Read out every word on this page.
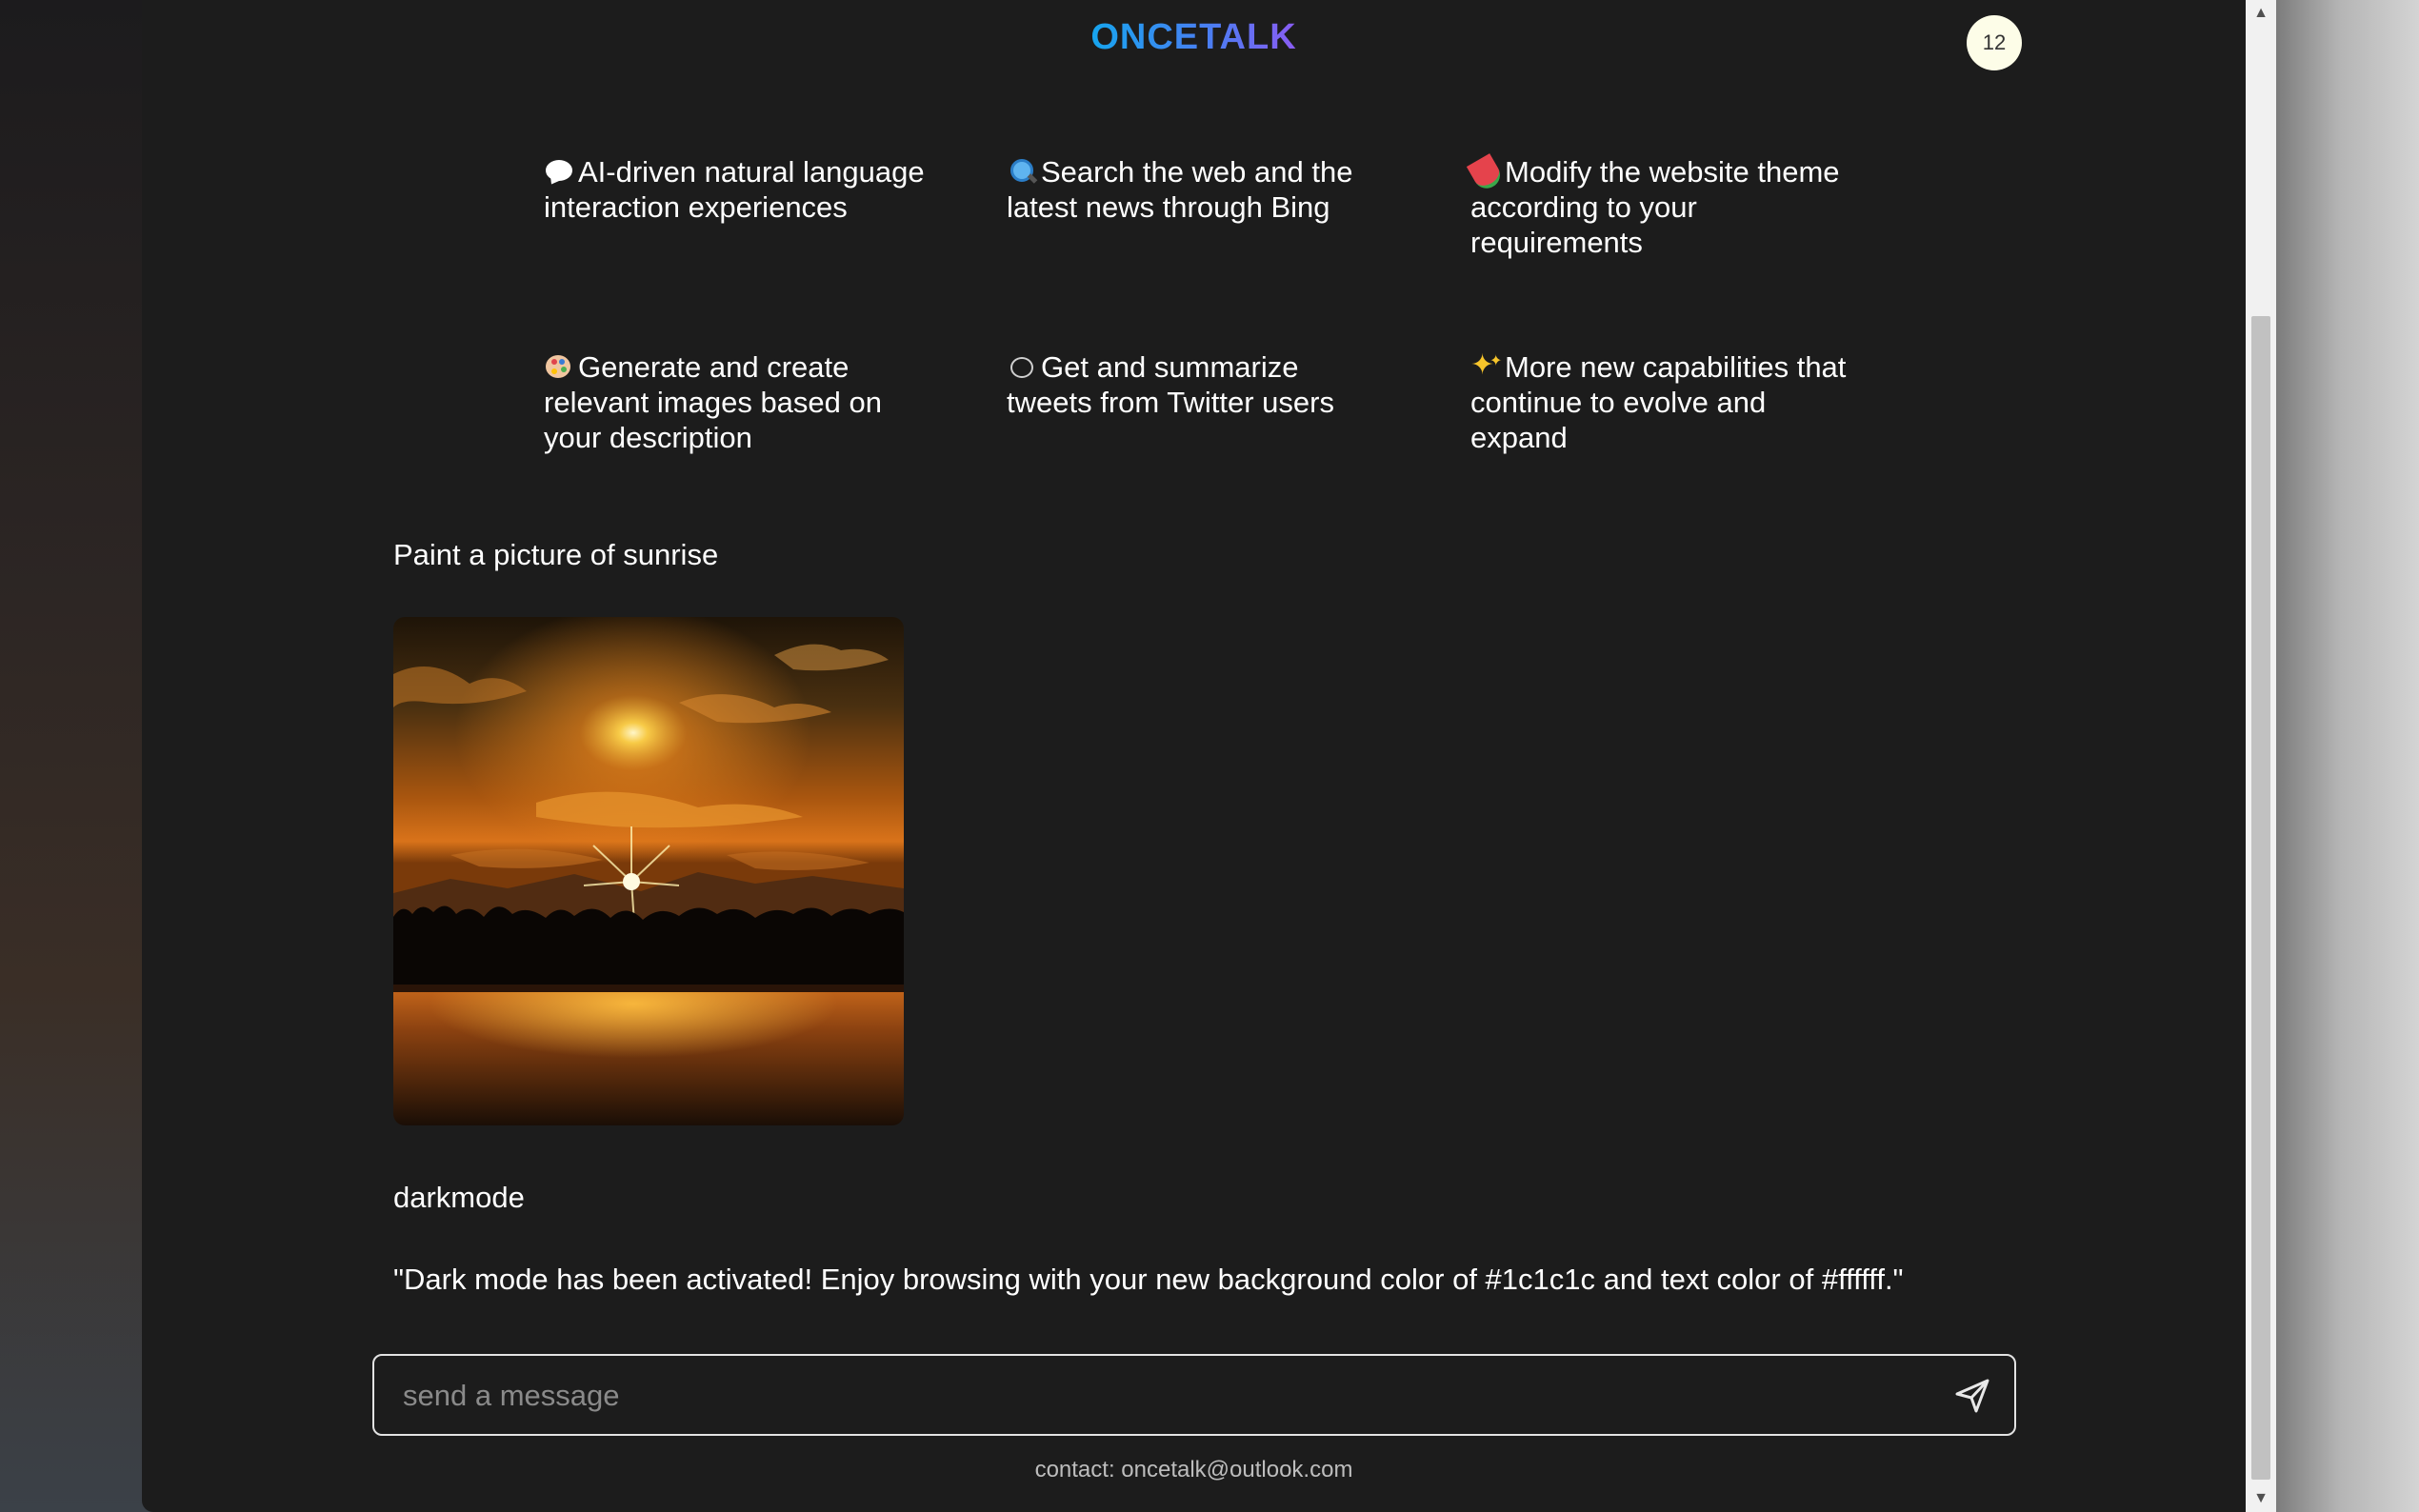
ONCETALK	12
AI-driven natural language interaction experiences
Search the web and the latest news through Bing
Modify the website theme according to your requirements
Generate and create relevant images based on your description
Get and summarize tweets from Twitter users
✦ ✦More new capabilities that continue to evolve and expand
Paint a picture of sunrise
darkmode
"Dark mode has been activated! Enjoy browsing with your new background color of #1c1c1c and text color of #ffffff."
send a message
contact: oncetalk@outlook.com
▲
▼
